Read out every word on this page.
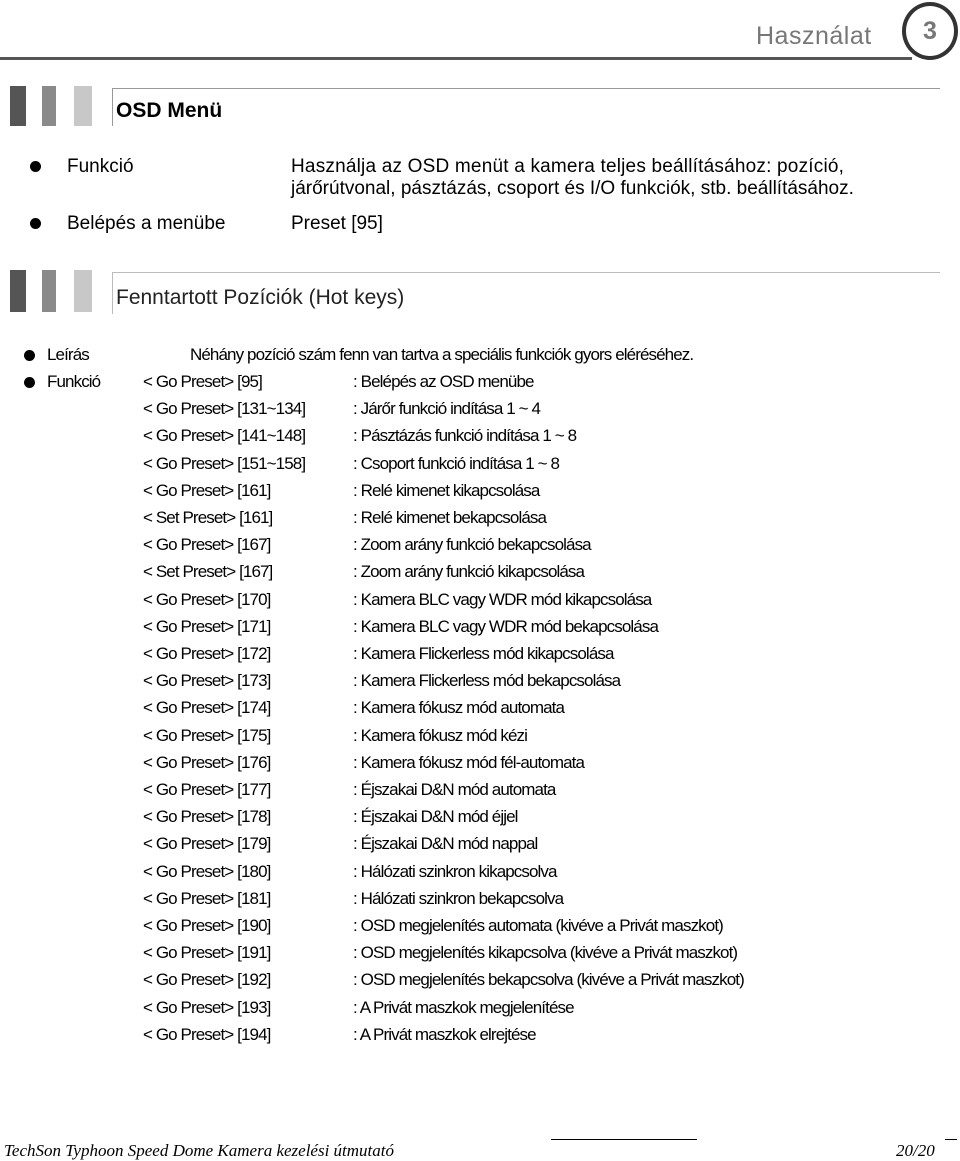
Használat 3
OSD Menü
Funkció	Használja az OSD menüt a kamera teljes beállításához: pozíció,
járőrútvonal, pásztázás, csoport és I/O funkciók, stb. beállításához.
Belépés a menübe	Preset [95]
Fenntartott Pozíciók (Hot keys)
Leírás	Néhány pozíció szám fenn van tartva a speciális funkciók gyors eléréséhez.
Funkció	< Go Preset> [95]	: Belépés az OSD menübe
< Go Preset> [131~134]	: Járőr funkció indítása 1 ~ 4
< Go Preset> [141~148]	: Pásztázás funkció indítása 1 ~ 8
< Go Preset> [151~158]	: Csoport funkció indítása 1 ~ 8
< Go Preset> [161]	: Relé kimenet kikapcsolása
< Set Preset> [161]	: Relé kimenet bekapcsolása
< Go Preset> [167]	: Zoom arány funkció bekapcsolása
< Set Preset> [167]	: Zoom arány funkció kikapcsolása
< Go Preset> [170]	: Kamera BLC vagy WDR mód kikapcsolása
< Go Preset> [171]	: Kamera BLC vagy WDR mód bekapcsolása
< Go Preset> [172]	: Kamera Flickerless mód kikapcsolása
< Go Preset> [173]	: Kamera Flickerless mód bekapcsolása
< Go Preset> [174]	: Kamera fókusz mód automata
< Go Preset> [175]	: Kamera fókusz mód kézi
< Go Preset> [176]	: Kamera fókusz mód fél-automata
< Go Preset> [177]	: Éjszakai D&N mód automata
< Go Preset> [178]	: Éjszakai D&N mód éjjel
< Go Preset> [179]	: Éjszakai D&N mód nappal
< Go Preset> [180]	: Hálózati szinkron kikapcsolva
< Go Preset> [181]	: Hálózati szinkron bekapcsolva
< Go Preset> [190]	: OSD megjelenítés automata (kivéve a Privát maszkot)
< Go Preset> [191]	: OSD megjelenítés kikapcsolva (kivéve a Privát maszkot)
< Go Preset> [192]	: OSD megjelenítés bekapcsolva (kivéve a Privát maszkot)
< Go Preset> [193]	: A Privát maszkok megjelenítése
< Go Preset> [194]	: A Privát maszkok elrejtése
TechSon Typhoon Speed Dome Kamera kezelési útmutató	20/20
